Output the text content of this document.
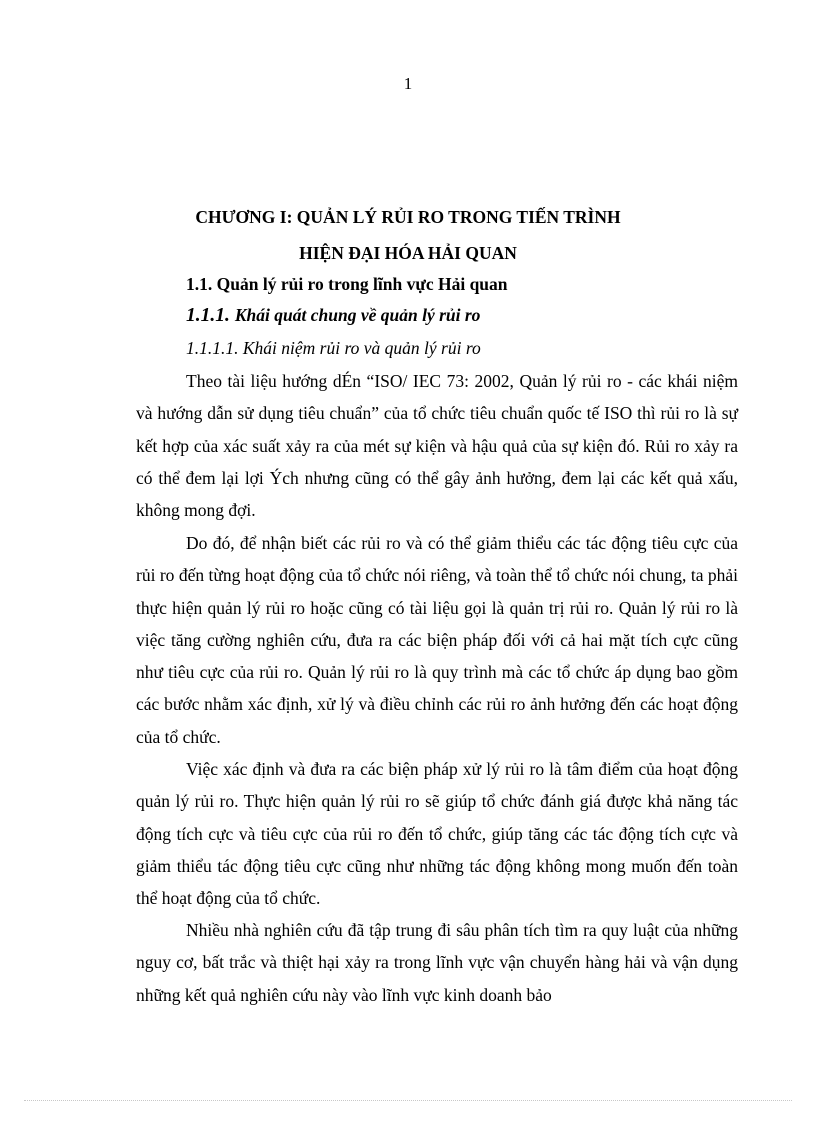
1
CHƯƠNG I: QUẢN LÝ RỦI RO TRONG TIẾN TRÌNH
HIỆN ĐẠI HÓA HẢI QUAN
1.1. Quản lý rủi ro trong lĩnh vực Hải quan
1.1.1. Khái quát chung về quản lý rủi ro
1.1.1.1. Khái niệm rủi ro và quản lý rủi ro

Theo tài liệu hướng dÉn “ISO/ IEC 73: 2002, Quản lý rủi ro - các khái niệm và hướng dẫn sử dụng tiêu chuẩn” của tổ chức tiêu chuẩn quốc tế ISO thì rủi ro là sự kết hợp của xác suất xảy ra của mét sự kiện và hậu quả của sự kiện đó. Rủi ro xảy ra có thể đem lại lợi Ých nhưng cũng có thể gây ảnh hưởng, đem lại các kết quả xấu, không mong đợi.

Do đó, để nhận biết các rủi ro và có thể giảm thiểu các tác động tiêu cực của rủi ro đến từng hoạt động của tổ chức nói riêng, và toàn thể tổ chức nói chung, ta phải thực hiện quản lý rủi ro hoặc cũng có tài liệu gọi là quản trị rủi ro. Quản lý rủi ro là việc tăng cường nghiên cứu, đưa ra các biện pháp đối với cả hai mặt tích cực cũng như tiêu cực của rủi ro. Quản lý rủi ro là quy trình mà các tổ chức áp dụng bao gồm các bước nhằm xác định, xử lý và điều chỉnh các rủi ro ảnh hưởng đến các hoạt động của tổ chức.

Việc xác định và đưa ra các biện pháp xử lý rủi ro là tâm điểm của hoạt động quản lý rủi ro. Thực hiện quản lý rủi ro sẽ giúp tổ chức đánh giá được khả năng tác động tích cực và tiêu cực của rủi ro đến tổ chức, giúp tăng các tác động tích cực và giảm thiểu tác động tiêu cực cũng như những tác động không mong muốn đến toàn thể hoạt động của tổ chức.

Nhiều nhà nghiên cứu đã tập trung đi sâu phân tích tìm ra quy luật của những nguy cơ, bất trắc và thiệt hại xảy ra trong lĩnh vực vận chuyển hàng hải và vận dụng những kết quả nghiên cứu này vào lĩnh vực kinh doanh bảo
